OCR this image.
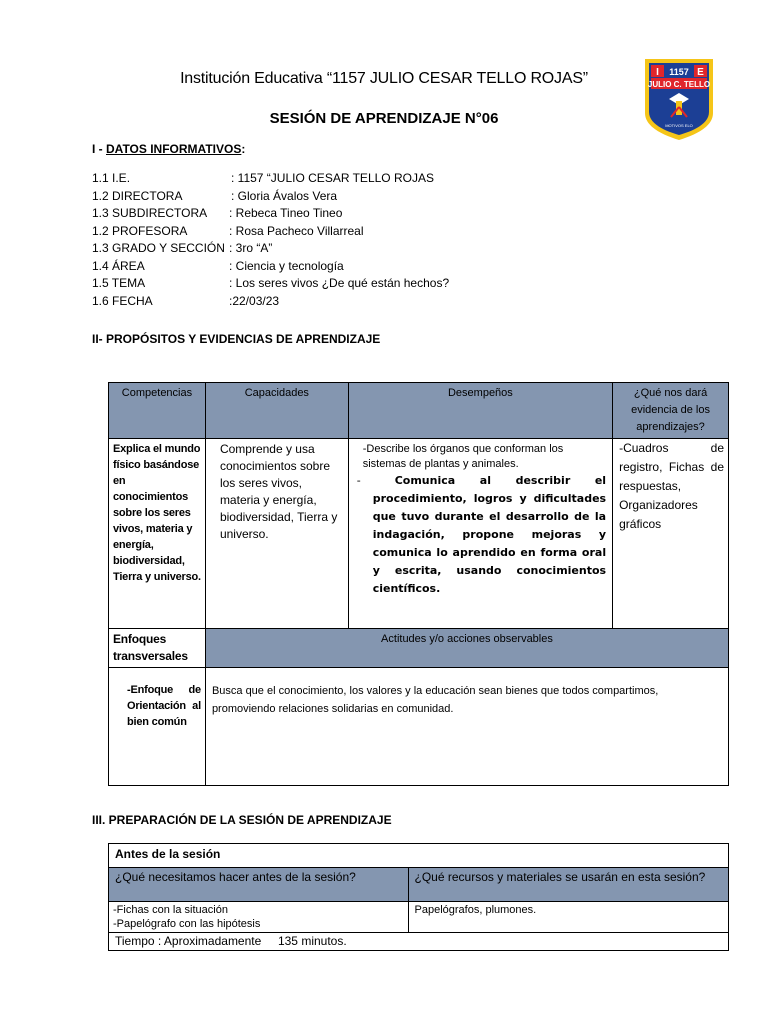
Institución Educativa “1157 JULIO CESAR TELLO ROJAS”
SESIÓN DE APRENDIZAJE N°06
I 1157 E
JULIO C. TELLO
MOTIVOS ELO
I - DATOS INFORMATIVOS:
1.1 I.E.	: 1157 “JULIO CESAR TELLO ROJAS
1.2 DIRECTORA	: Gloria Ávalos Vera
1.3 SUBDIRECTORA : Rebeca Tineo Tineo
1.2 PROFESORA	: Rosa Pacheco Villarreal
1.3 GRADO Y SECCIÓN : 3ro “A”
1.4 ÁREA	: Ciencia y tecnología
1.5 TEMA	: Los seres vivos ¿De qué están hechos?
1.6 FECHA	:22/03/23
II- PROPÓSITOS Y EVIDENCIAS DE APRENDIZAJE
Competencias	Capacidades	Desempeños	¿Qué nos dará evidencia de los aprendizajes?
Explica el mundo físico basándose en conocimientos sobre los seres vivos, materia y energía, biodiversidad, Tierra y universo.	Comprende y usa conocimientos sobre los seres vivos, materia y energía, biodiversidad, Tierra y universo.	-Describe los órganos que conforman los sistemas de plantas y animales.
- Comunica al describir el procedimiento, logros y dificultades que tuvo durante el desarrollo de la indagación, propone mejoras y comunica lo aprendido en forma oral y escrita, usando conocimientos científicos.	-Cuadros de registro, Fichas de respuestas, Organizadores gráficos
Enfoques transversales	Actitudes y/o acciones observables		
-Enfoque de Orientación al bien común	Busca que el conocimiento, los valores y la educación sean bienes que todos compartimos, promoviendo relaciones solidarias en comunidad.		
III. PREPARACIÓN DE LA SESIÓN DE APRENDIZAJE
Antes de la sesión	
¿Qué necesitamos hacer antes de la sesión?	¿Qué recursos y materiales se usarán en esta sesión?

-Fichas con la situación
-Papelógrafo con las hipótesis	Papelógrafos, plumones.
Tiempo : Aproximadamente     135 minutos.	
